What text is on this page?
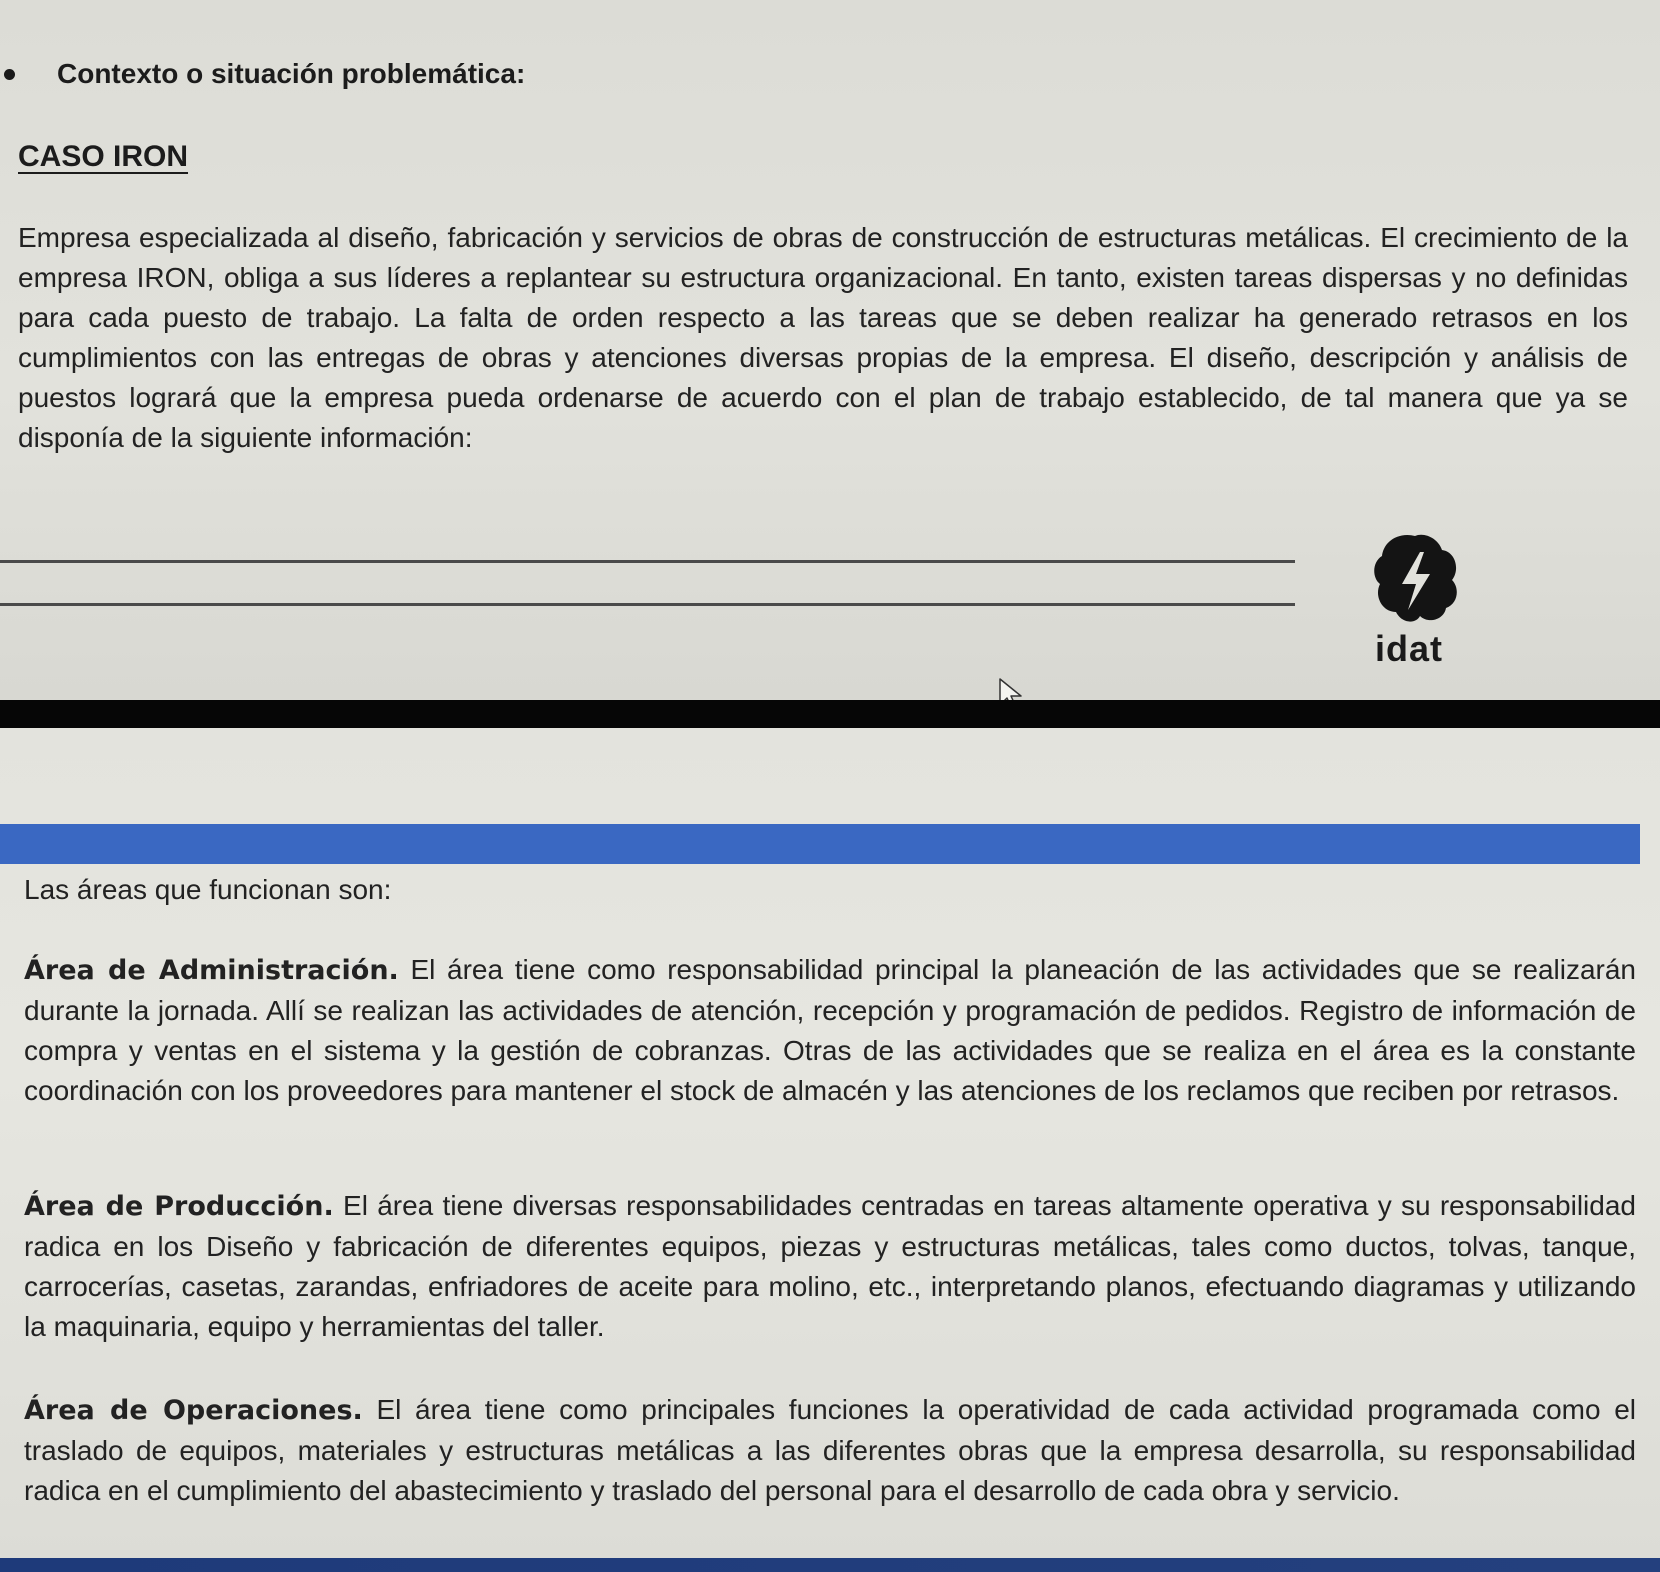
Contexto o situación problemática:
CASO IRON
Empresa especializada al diseño, fabricación y servicios de obras de construcción de estructuras metálicas. El crecimiento de la empresa IRON, obliga a sus líderes a replantear su estructura organizacional. En tanto, existen tareas dispersas y no definidas para cada puesto de trabajo. La falta de orden respecto a las tareas que se deben realizar ha generado retrasos en los cumplimientos con las entregas de obras y atenciones diversas propias de la empresa. El diseño, descripción y análisis de puestos logrará que la empresa pueda ordenarse de acuerdo con el plan de trabajo establecido, de tal manera que ya se disponía de la siguiente información:
idat
Las áreas que funcionan son:
Área de Administración. El área tiene como responsabilidad principal la planeación de las actividades que se realizarán durante la jornada. Allí se realizan las actividades de atención, recepción y programación de pedidos. Registro de información de compra y ventas en el sistema y la gestión de cobranzas. Otras de las actividades que se realiza en el área es la constante coordinación con los proveedores para mantener el stock de almacén y las atenciones de los reclamos que reciben por retrasos.
Área de Producción. El área tiene diversas responsabilidades centradas en tareas altamente operativa y su responsabilidad radica en los Diseño y fabricación de diferentes equipos, piezas y estructuras metálicas, tales como ductos, tolvas, tanque, carrocerías, casetas, zarandas, enfriadores de aceite para molino, etc., interpretando planos, efectuando diagramas y utilizando la maquinaria, equipo y herramientas del taller.
Área de Operaciones. El área tiene como principales funciones la operatividad de cada actividad programada como el traslado de equipos, materiales y estructuras metálicas a las diferentes obras que la empresa desarrolla, su responsabilidad radica en el cumplimiento del abastecimiento y traslado del personal para el desarrollo de cada obra y servicio.
